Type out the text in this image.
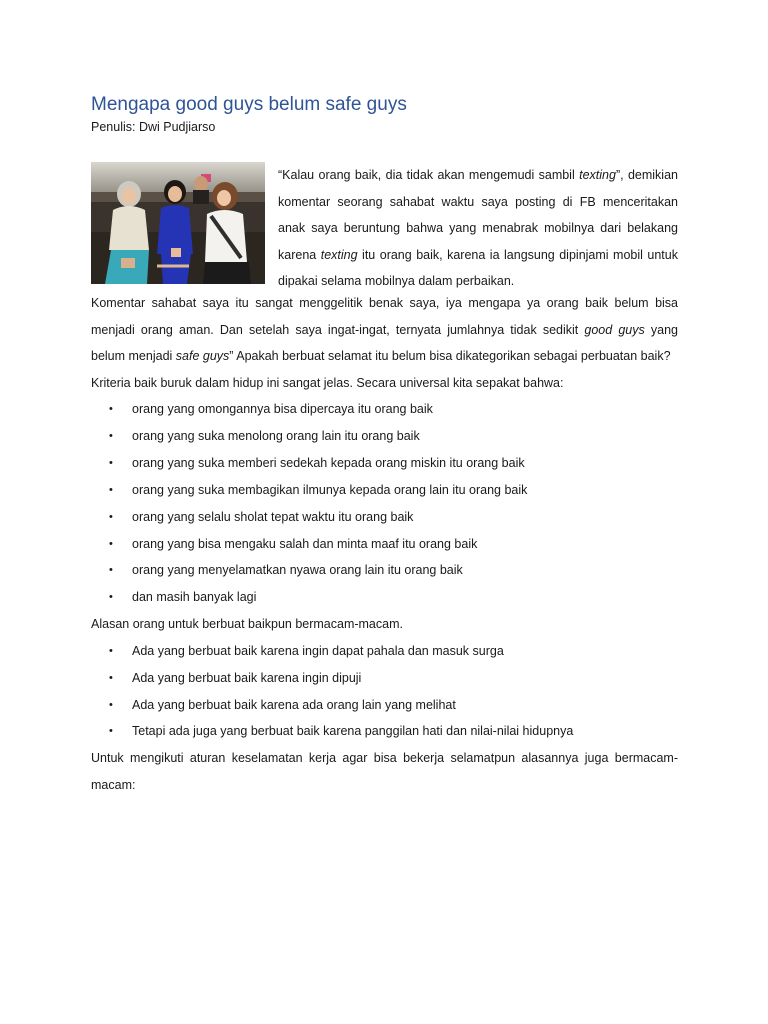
Mengapa good guys belum safe guys
Penulis: Dwi Pudjiarso

“Kalau orang baik, dia tidak akan mengemudi sambil texting”, demikian komentar seorang sahabat waktu saya posting di FB menceritakan anak saya beruntung bahwa yang menabrak mobilnya dari belakang karena texting itu orang baik, karena ia langsung dipinjami mobil untuk dipakai selama mobilnya dalam perbaikan.

Komentar sahabat saya itu sangat menggelitik benak saya, iya mengapa ya orang baik belum bisa menjadi orang aman. Dan setelah saya ingat-ingat, ternyata jumlahnya tidak sedikit good guys yang belum menjadi safe guys” Apakah berbuat selamat itu belum bisa dikategorikan sebagai perbuatan baik?

Kriteria baik buruk dalam hidup ini sangat jelas. Secara universal kita sepakat bahwa:

• orang yang omongannya bisa dipercaya itu orang baik
• orang yang suka menolong orang lain itu orang baik
• orang yang suka memberi sedekah kepada orang miskin itu orang baik
• orang yang suka membagikan ilmunya kepada orang lain itu orang baik
• orang yang selalu sholat tepat waktu itu orang baik
• orang yang bisa mengaku salah dan minta maaf itu orang baik
• orang yang menyelamatkan nyawa orang lain itu orang baik
• dan masih banyak lagi

Alasan orang untuk berbuat baikpun bermacam-macam.

• Ada yang berbuat baik karena ingin dapat pahala dan masuk surga
• Ada yang berbuat baik karena ingin dipuji
• Ada yang berbuat baik karena ada orang lain yang melihat
• Tetapi ada juga yang berbuat baik karena panggilan hati dan nilai-nilai hidupnya

Untuk mengikuti aturan keselamatan kerja agar bisa bekerja selamatpun alasannya juga bermacam-macam:
